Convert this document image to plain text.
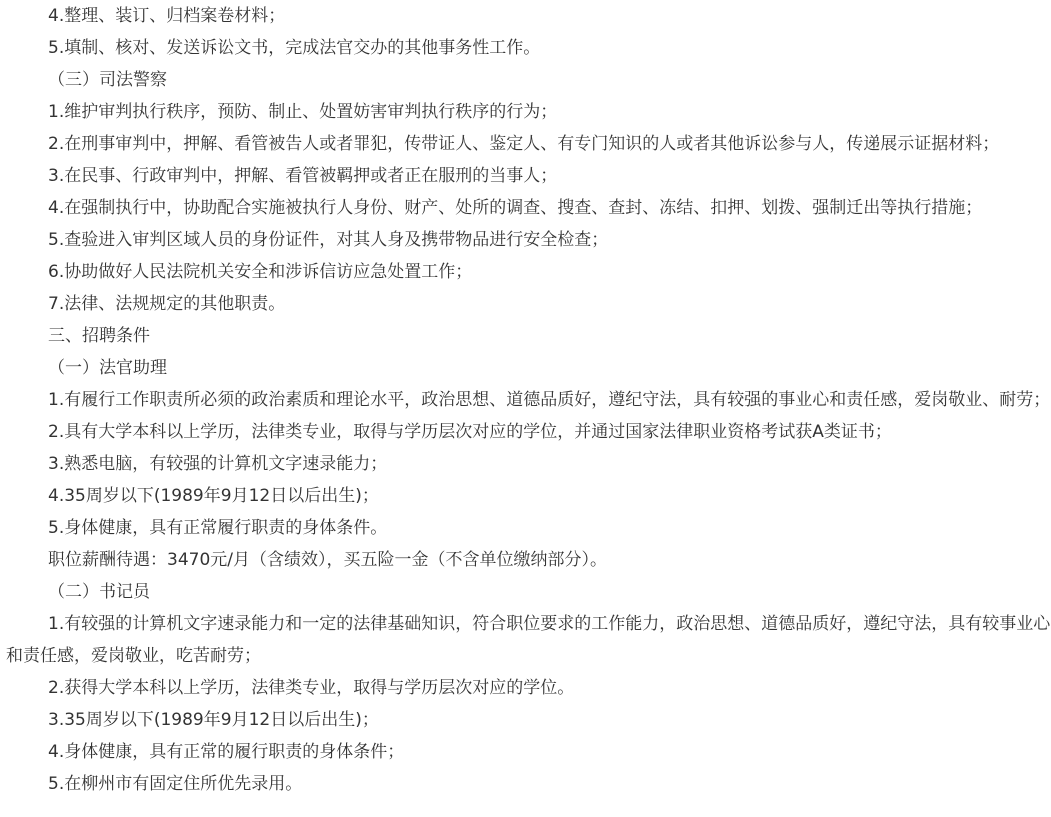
4.整理、装订、归档案卷材料；

5.填制、核对、发送诉讼文书，完成法官交办的其他事务性工作。

（三）司法警察

1.维护审判执行秩序，预防、制止、处置妨害审判执行秩序的行为；

2.在刑事审判中，押解、看管被告人或者罪犯，传带证人、鉴定人、有专门知识的人或者其他诉讼参与人，传递展示证据材料；

3.在民事、行政审判中，押解、看管被羁押或者正在服刑的当事人；

4.在强制执行中，协助配合实施被执行人身份、财产、处所的调查、搜查、查封、冻结、扣押、划拨、强制迁出等执行措施；

5.查验进入审判区域人员的身份证件，对其人身及携带物品进行安全检查；

6.协助做好人民法院机关安全和涉诉信访应急处置工作；

7.法律、法规规定的其他职责。

三、招聘条件

（一）法官助理

1.有履行工作职责所必须的政治素质和理论水平，政治思想、道德品质好，遵纪守法，具有较强的事业心和责任感，爱岗敬业、耐劳；

2.具有大学本科以上学历，法律类专业，取得与学历层次对应的学位，并通过国家法律职业资格考试获A类证书；

3.熟悉电脑，有较强的计算机文字速录能力；

4.35周岁以下(1989年9月12日以后出生)；

5.身体健康，具有正常履行职责的身体条件。

职位薪酬待遇：3470元/月（含绩效），买五险一金（不含单位缴纳部分）。

（二）书记员

1.有较强的计算机文字速录能力和一定的法律基础知识，符合职位要求的工作能力，政治思想、道德品质好，遵纪守法，具有较事业心和责任感，爱岗敬业，吃苦耐劳；

2.获得大学本科以上学历，法律类专业，取得与学历层次对应的学位。

3.35周岁以下(1989年9月12日以后出生)；

4.身体健康，具有正常的履行职责的身体条件；

5.在柳州市有固定住所优先录用。
